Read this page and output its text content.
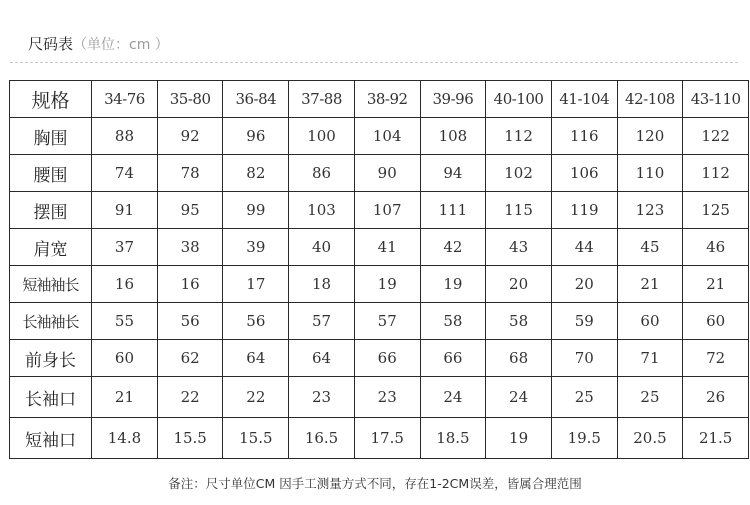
尺码表（单位：cm ）
规格	34-76	35-80	36-84	37-88	38-92	39-96	40-100	41-104	42-108	43-110
胸围	88	92	96	100	104	108	112	116	120	122
腰围	74	78	82	86	90	94	102	106	110	112
摆围	91	95	99	103	107	111	115	119	123	125
肩宽	37	38	39	40	41	42	43	44	45	46
短袖袖长	16	16	17	18	19	19	20	20	21	21
长袖袖长	55	56	56	57	57	58	58	59	60	60
前身长	60	62	64	64	66	66	68	70	71	72
长袖口	21	22	22	23	23	24	24	25	25	26
短袖口	14.8	15.5	15.5	16.5	17.5	18.5	19	19.5	20.5	21.5
备注：尺寸单位CM 因手工测量方式不同，存在1-2CM误差，皆属合理范围
